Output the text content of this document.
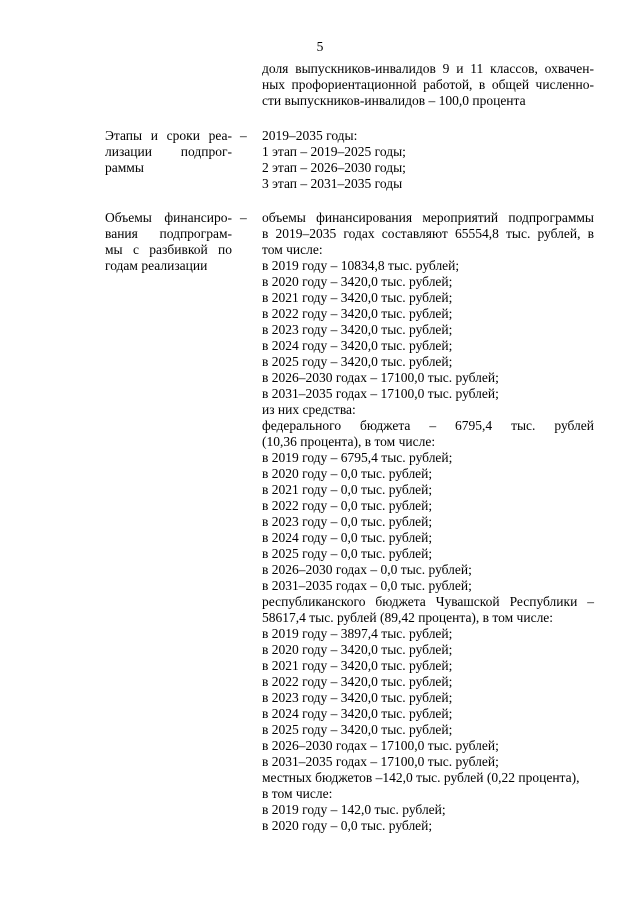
5

доля выпускников-инвалидов 9 и 11 классов, охвачен-

ных профориентационной работой, в общей численно-

сти выпускников-инвалидов – 100,0 процента

Этапы и сроки реа-

лизации подпрог-

раммы

– 2019–2035 годы:

1 этап – 2019–2025 годы;

2 этап – 2026–2030 годы;

3 этап – 2031–2035 годы

Объемы финансиро-

вания подпрограм-

мы с разбивкой по

годам реализации

– объемы финансирования мероприятий подпрограммы

в 2019–2035 годах составляют 65554,8 тыс. рублей, в

том числе:

в 2019 году – 10834,8 тыс. рублей;

в 2020 году – 3420,0 тыс. рублей;

в 2021 году – 3420,0 тыс. рублей;

в 2022 году – 3420,0 тыс. рублей;

в 2023 году – 3420,0 тыс. рублей;

в 2024 году – 3420,0 тыс. рублей;

в 2025 году – 3420,0 тыс. рублей;

в 2026–2030 годах – 17100,0 тыс. рублей;

в 2031–2035 годах – 17100,0 тыс. рублей;

из них средства:

федерального бюджета – 6795,4 тыс. рублей

(10,36 процента), в том числе:

в 2019 году – 6795,4 тыс. рублей;

в 2020 году – 0,0 тыс. рублей;

в 2021 году – 0,0 тыс. рублей;

в 2022 году – 0,0 тыс. рублей;

в 2023 году – 0,0 тыс. рублей;

в 2024 году – 0,0 тыс. рублей;

в 2025 году – 0,0 тыс. рублей;

в 2026–2030 годах – 0,0 тыс. рублей;

в 2031–2035 годах – 0,0 тыс. рублей;

республиканского бюджета Чувашской Республики –

58617,4 тыс. рублей (89,42 процента), в том числе:

в 2019 году – 3897,4 тыс. рублей;

в 2020 году – 3420,0 тыс. рублей;

в 2021 году – 3420,0 тыс. рублей;

в 2022 году – 3420,0 тыс. рублей;

в 2023 году – 3420,0 тыс. рублей;

в 2024 году – 3420,0 тыс. рублей;

в 2025 году – 3420,0 тыс. рублей;

в 2026–2030 годах – 17100,0 тыс. рублей;

в 2031–2035 годах – 17100,0 тыс. рублей;

местных бюджетов –142,0 тыс. рублей (0,22 процента),

в том числе:

в 2019 году – 142,0 тыс. рублей;

в 2020 году – 0,0 тыс. рублей;
